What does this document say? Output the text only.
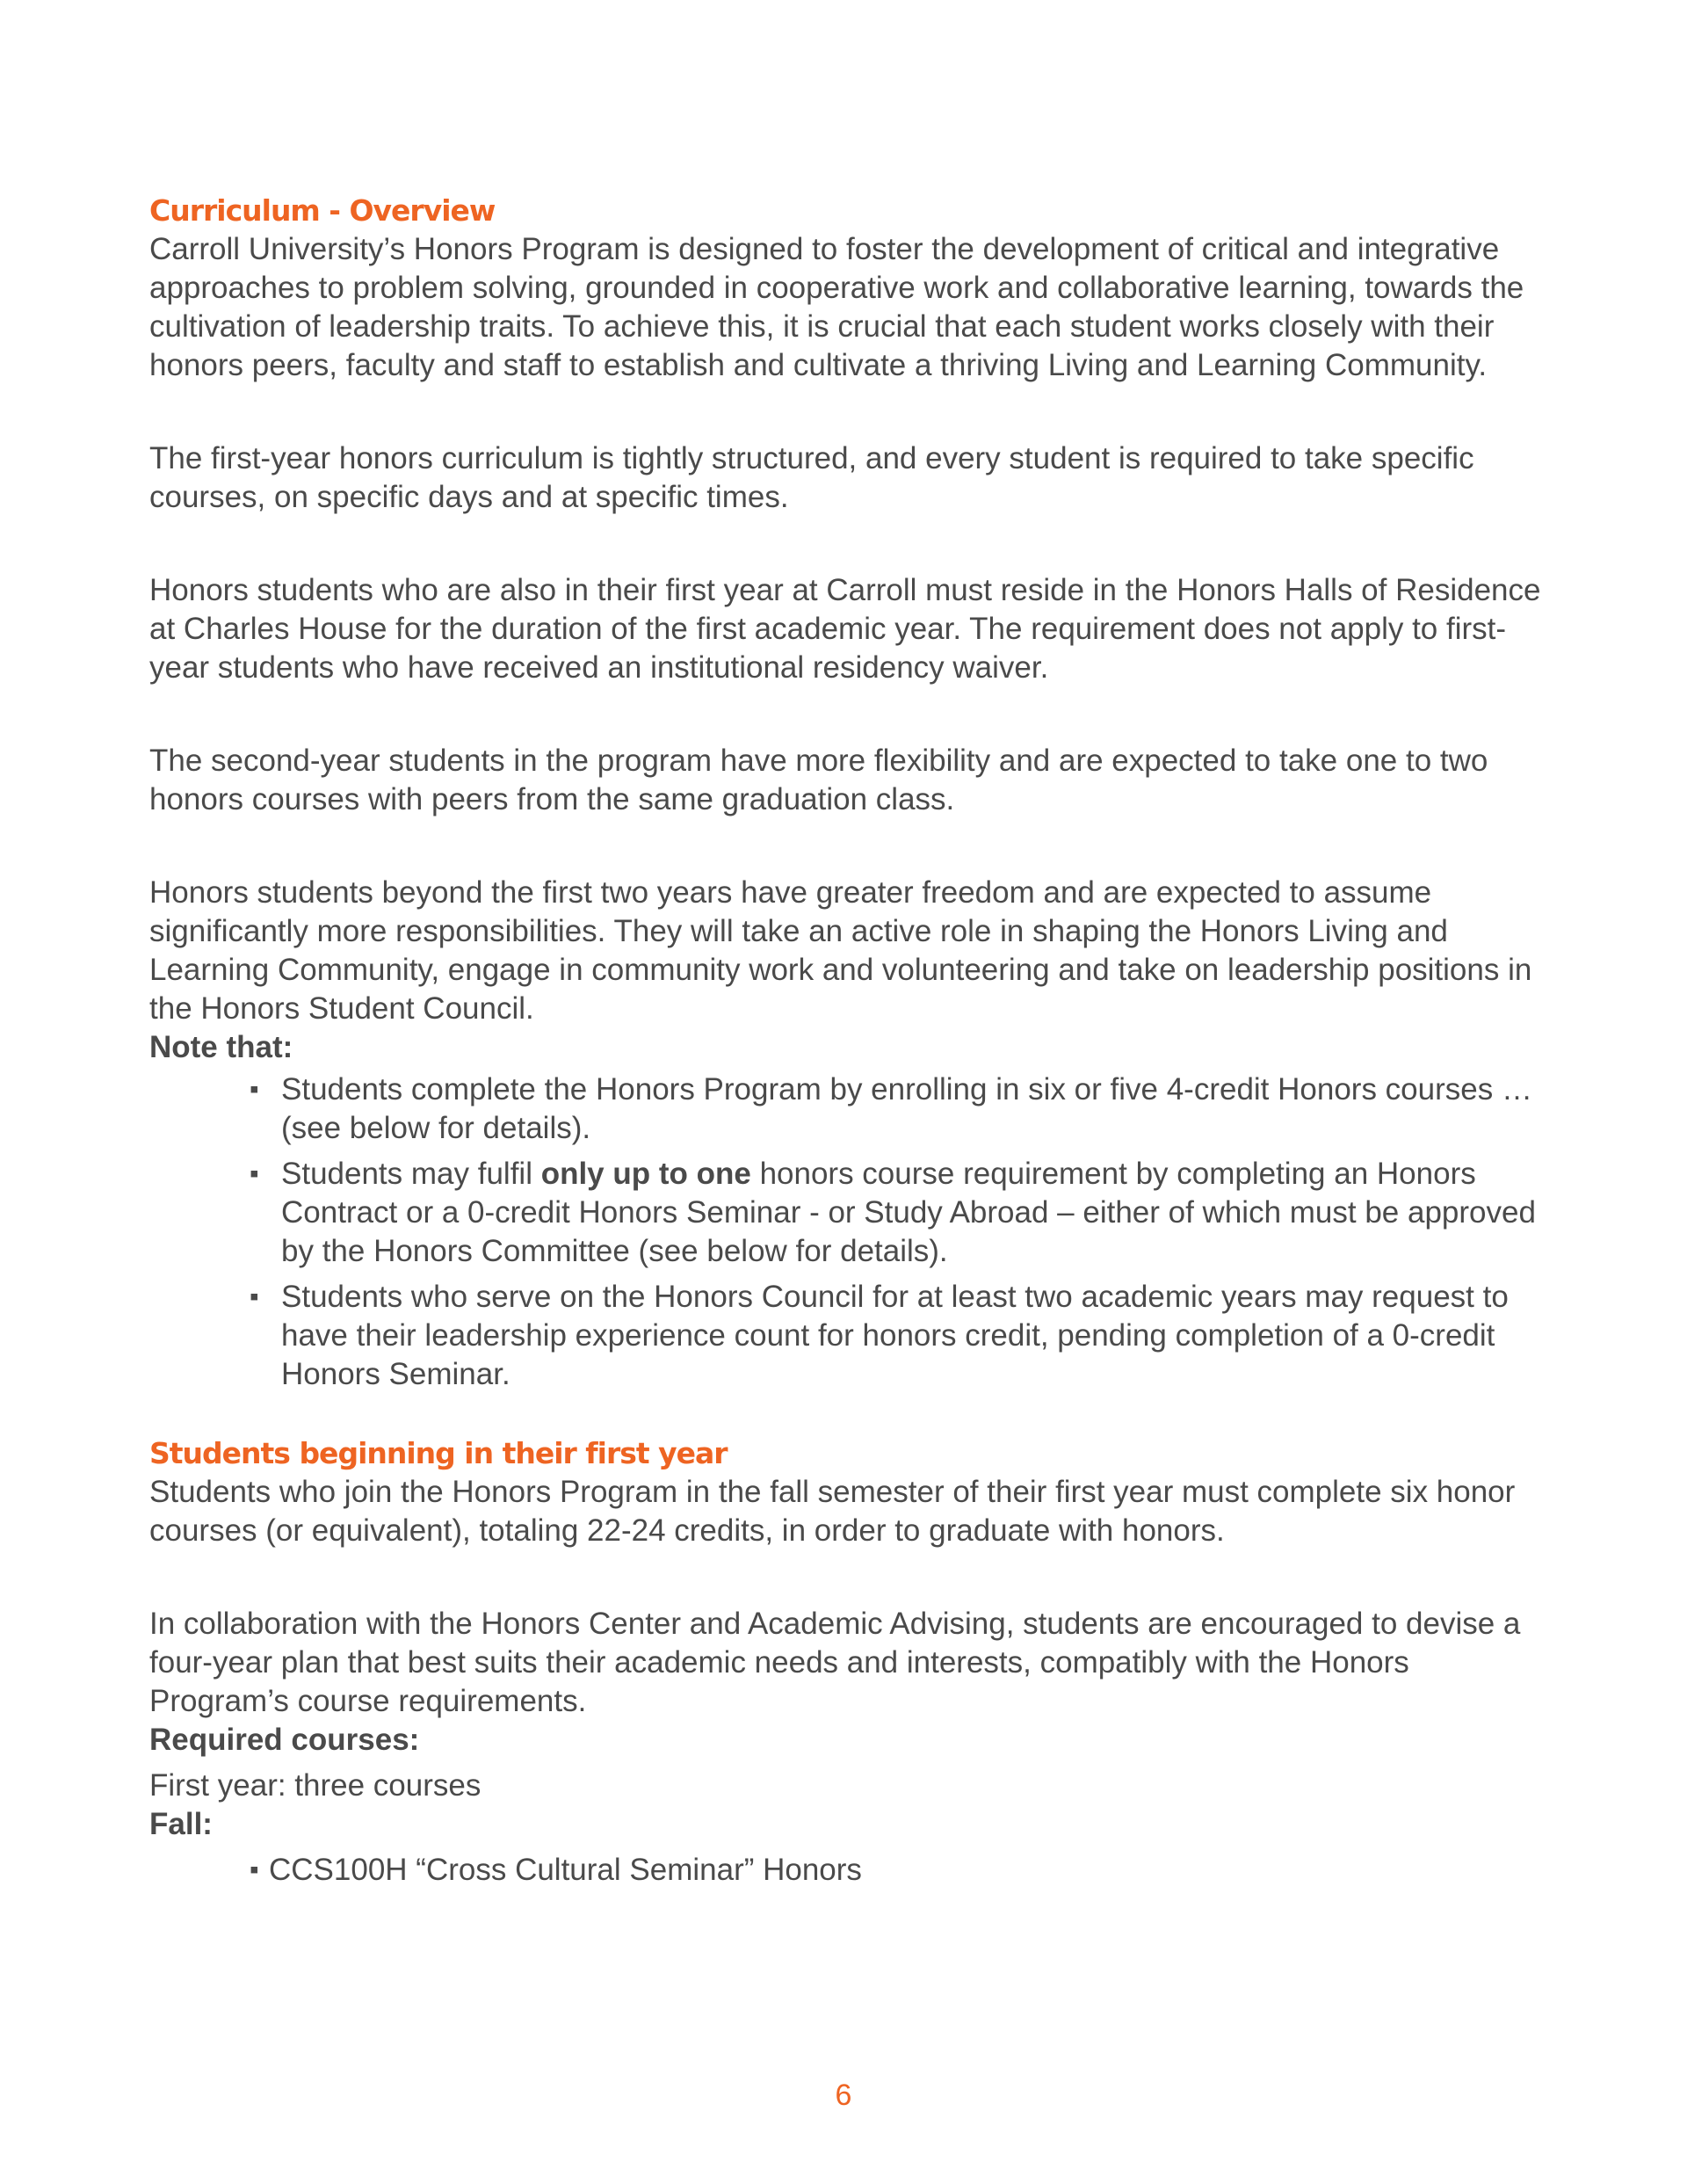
Curriculum - Overview

Carroll University’s Honors Program is designed to foster the development of critical and integrative approaches to problem solving, grounded in cooperative work and collaborative learning, towards the cultivation of leadership traits. To achieve this, it is crucial that each student works closely with their honors peers, faculty and staff to establish and cultivate a thriving Living and Learning Community.

The first-year honors curriculum is tightly structured, and every student is required to take specific courses, on specific days and at specific times.

Honors students who are also in their first year at Carroll must reside in the Honors Halls of Residence at Charles House for the duration of the first academic year. The requirement does not apply to first-year students who have received an institutional residency waiver.

The second-year students in the program have more flexibility and are expected to take one to two honors courses with peers from the same graduation class.

Honors students beyond the first two years have greater freedom and are expected to assume significantly more responsibilities. They will take an active role in shaping the Honors Living and Learning Community, engage in community work and volunteering and take on leadership positions in the Honors Student Council.

Note that:

▪ Students complete the Honors Program by enrolling in six or five 4-credit Honors courses … (see below for details).
▪ Students may fulfil only up to one honors course requirement by completing an Honors Contract or a 0-credit Honors Seminar - or Study Abroad – either of which must be approved by the Honors Committee (see below for details).
▪ Students who serve on the Honors Council for at least two academic years may request to have their leadership experience count for honors credit, pending completion of a 0-credit Honors Seminar.
Students beginning in their first year

Students who join the Honors Program in the fall semester of their first year must complete six honor courses (or equivalent), totaling 22-24 credits, in order to graduate with honors.

In collaboration with the Honors Center and Academic Advising, students are encouraged to devise a four-year plan that best suits their academic needs and interests, compatibly with the Honors Program’s course requirements.

Required courses:

First year: three courses

Fall:

▪ CCS100H “Cross Cultural Seminar” Honors
6
